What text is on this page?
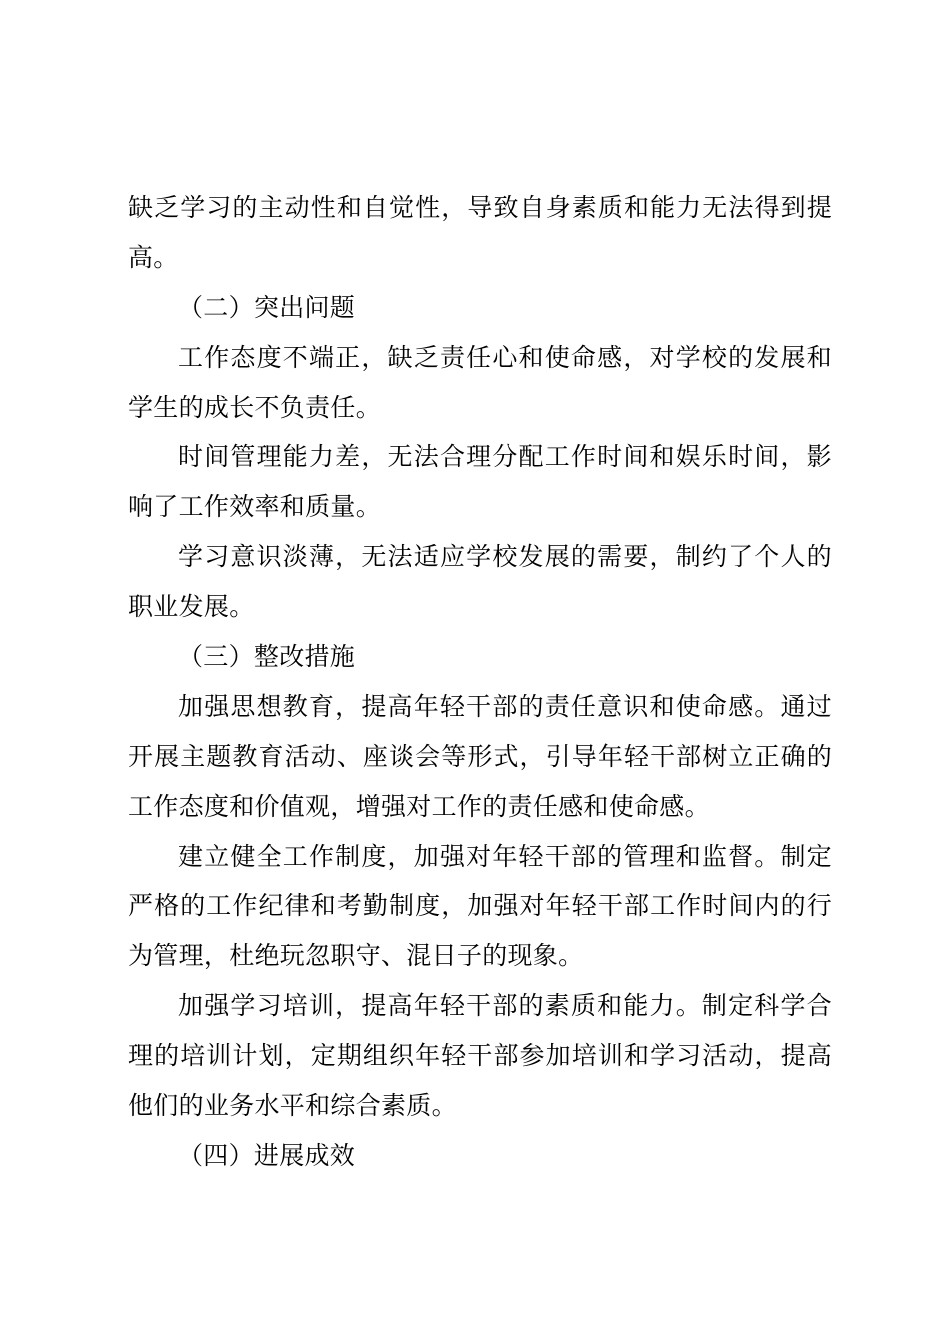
缺乏学习的主动性和自觉性，导致自身素质和能力无法得到提
高。
（二）突出问题
工作态度不端正，缺乏责任心和使命感，对学校的发展和
学生的成长不负责任。
时间管理能力差，无法合理分配工作时间和娱乐时间，影
响了工作效率和质量。
学习意识淡薄，无法适应学校发展的需要，制约了个人的
职业发展。
（三）整改措施
加强思想教育，提高年轻干部的责任意识和使命感。通过
开展主题教育活动、座谈会等形式，引导年轻干部树立正确的
工作态度和价值观，增强对工作的责任感和使命感。
建立健全工作制度，加强对年轻干部的管理和监督。制定
严格的工作纪律和考勤制度，加强对年轻干部工作时间内的行
为管理，杜绝玩忽职守、混日子的现象。
加强学习培训，提高年轻干部的素质和能力。制定科学合
理的培训计划，定期组织年轻干部参加培训和学习活动，提高
他们的业务水平和综合素质。
（四）进展成效
